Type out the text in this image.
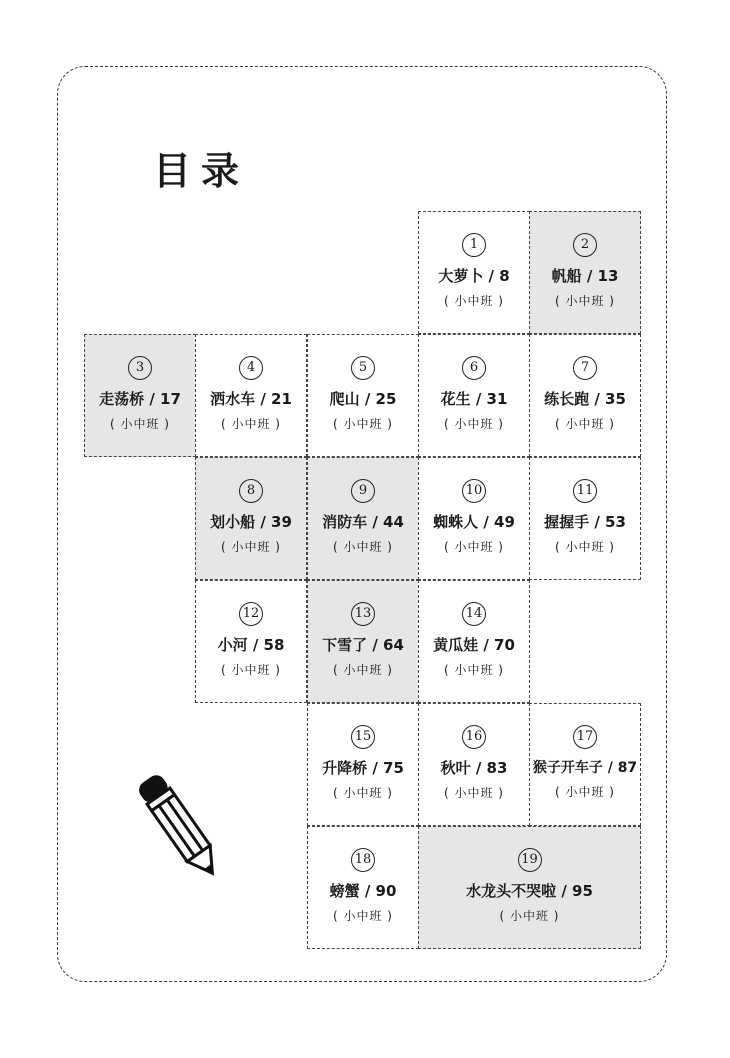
目录
1
大萝卜 / 8
( 小中班 )
2
帆船 / 13
( 小中班 )
3
走荡桥 / 17
( 小中班 )
4
洒水车 / 21
( 小中班 )
5
爬山 / 25
( 小中班 )
6
花生 / 31
( 小中班 )
7
练长跑 / 35
( 小中班 )
8
划小船 / 39
( 小中班 )
9
消防车 / 44
( 小中班 )
10
蜘蛛人 / 49
( 小中班 )
11
握握手 / 53
( 小中班 )
12
小河 / 58
( 小中班 )
13
下雪了 / 64
( 小中班 )
14
黄瓜娃 / 70
( 小中班 )
15
升降桥 / 75
( 小中班 )
16
秋叶 / 83
( 小中班 )
17
猴子开车子 / 87
( 小中班 )
18
螃蟹 / 90
( 小中班 )
19
水龙头不哭啦 / 95
( 小中班 )
